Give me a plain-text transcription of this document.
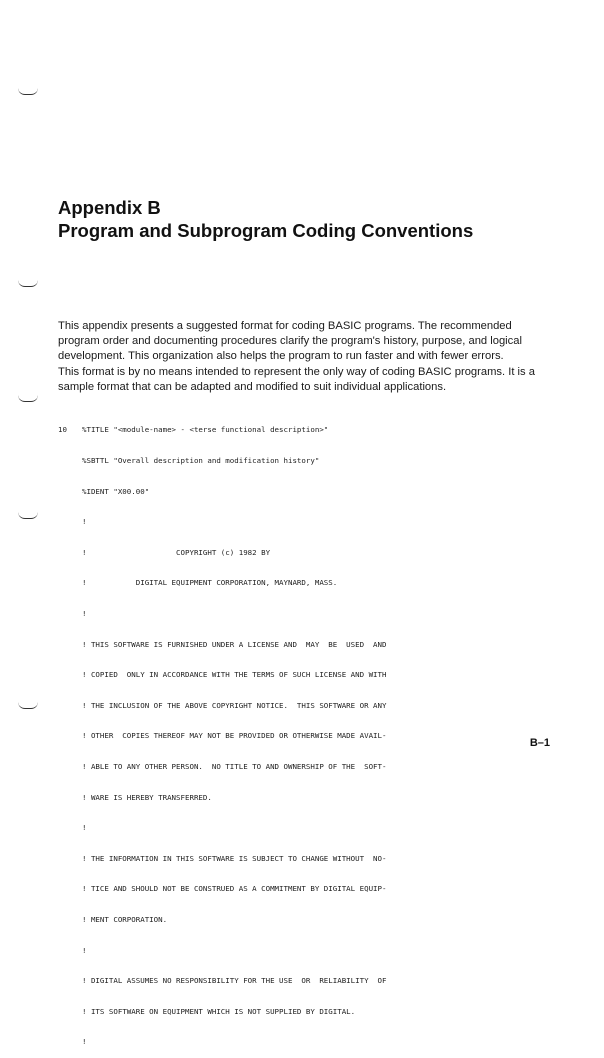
Appendix B
Program and Subprogram Coding Conventions

This appendix presents a suggested format for coding BASIC programs. The recommended program order and documenting procedures clarify the program's history, purpose, and logical development. This organization also helps the program to run faster and with fewer errors.

This format is by no means intended to represent the only way of coding BASIC programs. It is a sample format that can be adapted and modified to suit individual applications.

10 %TITLE "<module-name> - <terse functional description>"

%SBTTL "Overall description and modification history"

%IDENT "X00.00"

!

!                    COPYRIGHT (c) 1982 BY

!           DIGITAL EQUIPMENT CORPORATION, MAYNARD, MASS.

!

! THIS SOFTWARE IS FURNISHED UNDER A LICENSE AND  MAY  BE  USED  AND

! COPIED  ONLY IN ACCORDANCE WITH THE TERMS OF SUCH LICENSE AND WITH

! THE INCLUSION OF THE ABOVE COPYRIGHT NOTICE.  THIS SOFTWARE OR ANY

! OTHER  COPIES THEREOF MAY NOT BE PROVIDED OR OTHERWISE MADE AVAIL-

! ABLE TO ANY OTHER PERSON.  NO TITLE TO AND OWNERSHIP OF THE  SOFT-

! WARE IS HEREBY TRANSFERRED.

!

! THE INFORMATION IN THIS SOFTWARE IS SUBJECT TO CHANGE WITHOUT  NO-

! TICE AND SHOULD NOT BE CONSTRUED AS A COMMITMENT BY DIGITAL EQUIP-

! MENT CORPORATION.

!

! DIGITAL ASSUMES NO RESPONSIBILITY FOR THE USE  OR  RELIABILITY  OF

! ITS SOFTWARE ON EQUIPMENT WHICH IS NOT SUPPLIED BY DIGITAL.

!

B–1
